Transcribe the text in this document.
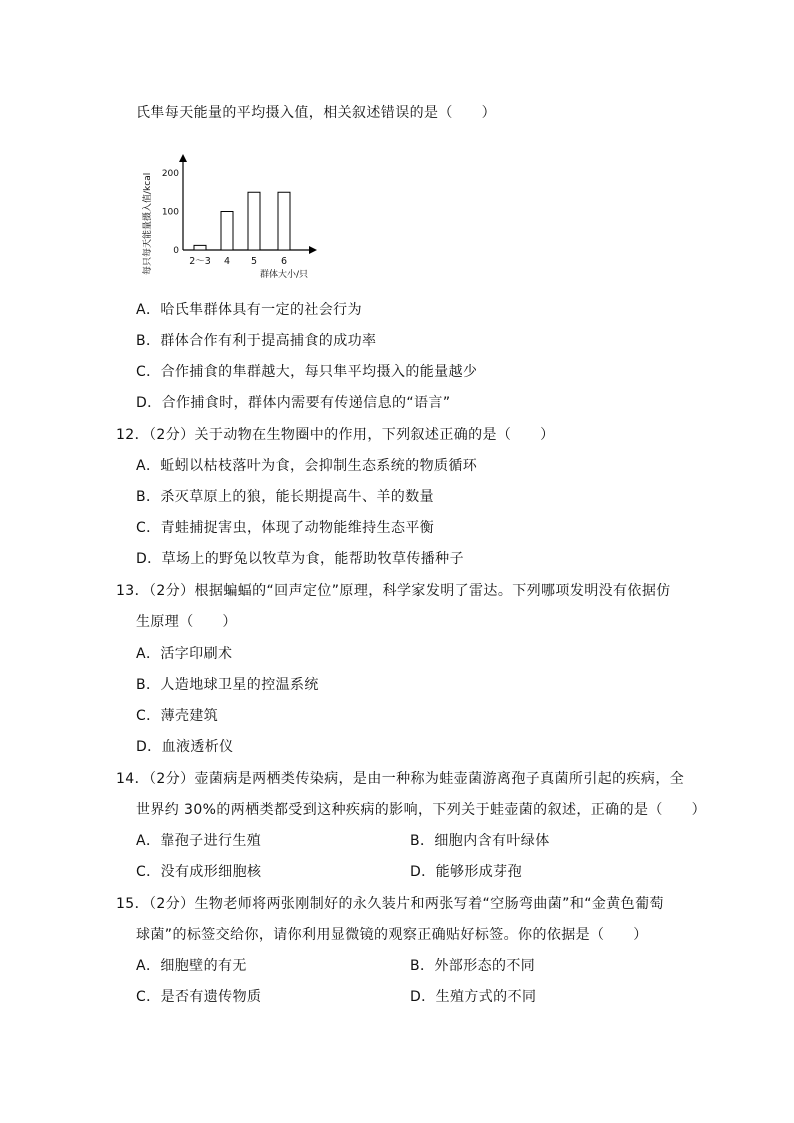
氏隼每天能量的平均摄入值，相关叙述错误的是（　　）
每只每天能量摄入值/kcal 0
100
200
2～3 4 5	6
群体大小/只
A．哈氏隼群体具有一定的社会行为
B．群体合作有利于提高捕食的成功率
C．合作捕食的隼群越大，每只隼平均摄入的能量越少
D．合作捕食时，群体内需要有传递信息的“语言”
12．（2分）关于动物在生物圈中的作用，下列叙述正确的是（　　）
A．蚯蚓以枯枝落叶为食，会抑制生态系统的物质循环
B．杀灭草原上的狼，能长期提高牛、羊的数量
C．青蛙捕捉害虫，体现了动物能维持生态平衡
D．草场上的野兔以牧草为食，能帮助牧草传播种子
13．（2分）根据蝙蝠的“回声定位”原理，科学家发明了雷达。下列哪项发明没有依据仿
生原理（　　）
A．活字印刷术
B．人造地球卫星的控温系统
C．薄壳建筑
D．血液透析仪
14．（2分）壶菌病是两栖类传染病，是由一种称为蛙壶菌游离孢子真菌所引起的疾病，全
世界约 30%的两栖类都受到这种疾病的影响，下列关于蛙壶菌的叙述，正确的是（　　）
A．靠孢子进行生殖	B．细胞内含有叶绿体
C．没有成形细胞核	D．能够形成芽孢
15．（2分）生物老师将两张刚制好的永久装片和两张写着“空肠弯曲菌”和“金黄色葡萄
球菌”的标签交给你，请你利用显微镜的观察正确贴好标签。你的依据是（　　）
A．细胞壁的有无	B．外部形态的不同
C．是否有遗传物质	D．生殖方式的不同
